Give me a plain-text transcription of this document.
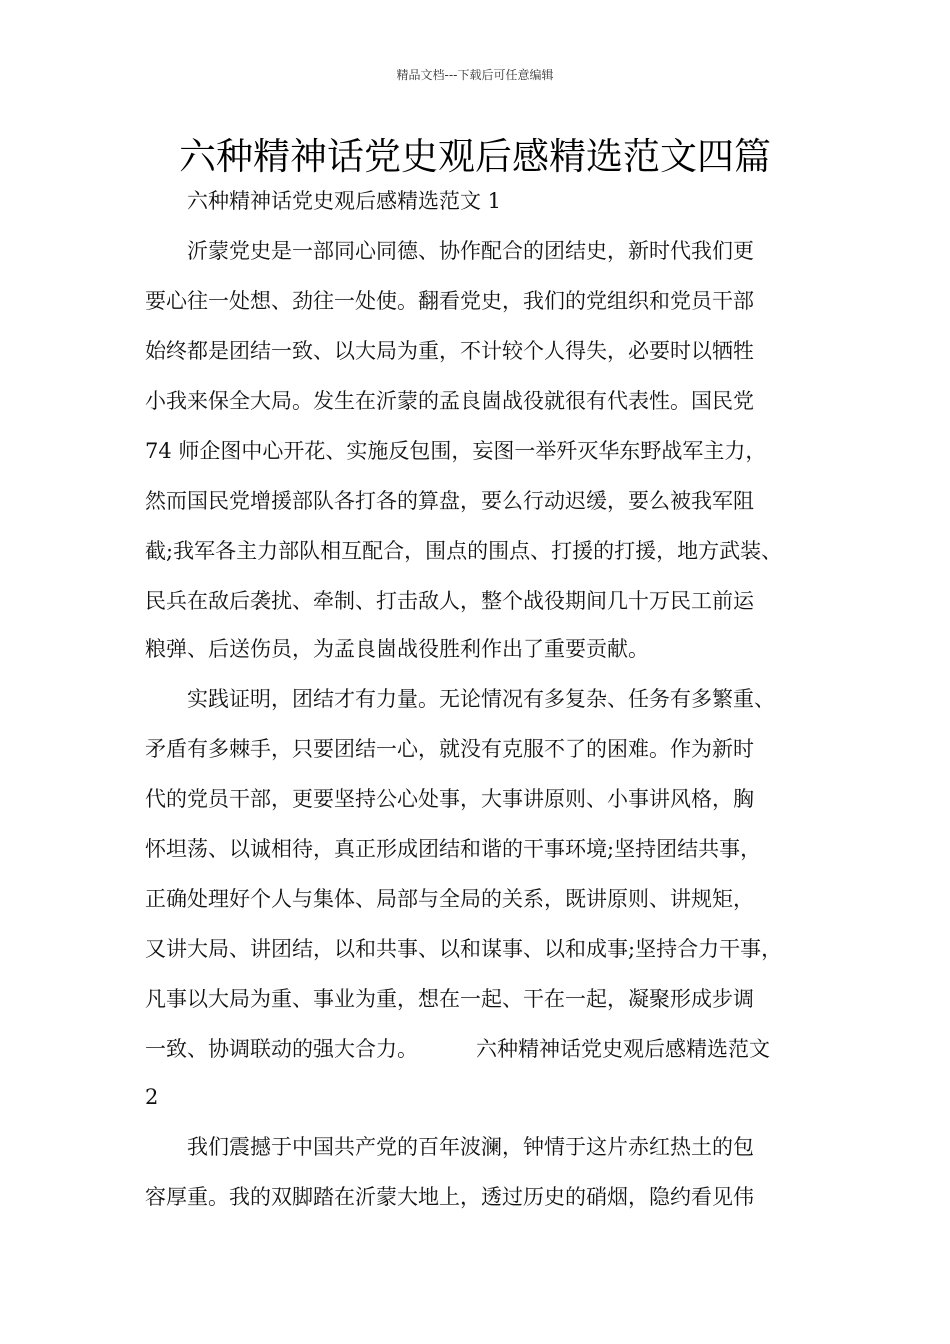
精品文档---下载后可任意编辑
六种精神话党史观后感精选范文四篇
六种精神话党史观后感精选范文 1
沂蒙党史是一部同心同德、协作配合的团结史，新时代我们更
要心往一处想、劲往一处使。翻看党史，我们的党组织和党员干部
始终都是团结一致、以大局为重，不计较个人得失，必要时以牺牲
小我来保全大局。发生在沂蒙的孟良崮战役就很有代表性。国民党
74 师企图中心开花、实施反包围，妄图一举歼灭华东野战军主力，
然而国民党增援部队各打各的算盘，要么行动迟缓，要么被我军阻
截;我军各主力部队相互配合，围点的围点、打援的打援，地方武装、
民兵在敌后袭扰、牵制、打击敌人，整个战役期间几十万民工前运
粮弹、后送伤员，为孟良崮战役胜利作出了重要贡献。
实践证明，团结才有力量。无论情况有多复杂、任务有多繁重、
矛盾有多棘手，只要团结一心，就没有克服不了的困难。作为新时
代的党员干部，更要坚持公心处事，大事讲原则、小事讲风格，胸
怀坦荡、以诚相待，真正形成团结和谐的干事环境;坚持团结共事，
正确处理好个人与集体、局部与全局的关系，既讲原则、讲规矩，
又讲大局、讲团结，以和共事、以和谋事、以和成事;坚持合力干事，
凡事以大局为重、事业为重，想在一起、干在一起，凝聚形成步调
一致、协调联动的强大合力。	六种精神话党史观后感精选范文
2
我们震撼于中国共产党的百年波澜，钟情于这片赤红热土的包
容厚重。我的双脚踏在沂蒙大地上，透过历史的硝烟，隐约看见伟
